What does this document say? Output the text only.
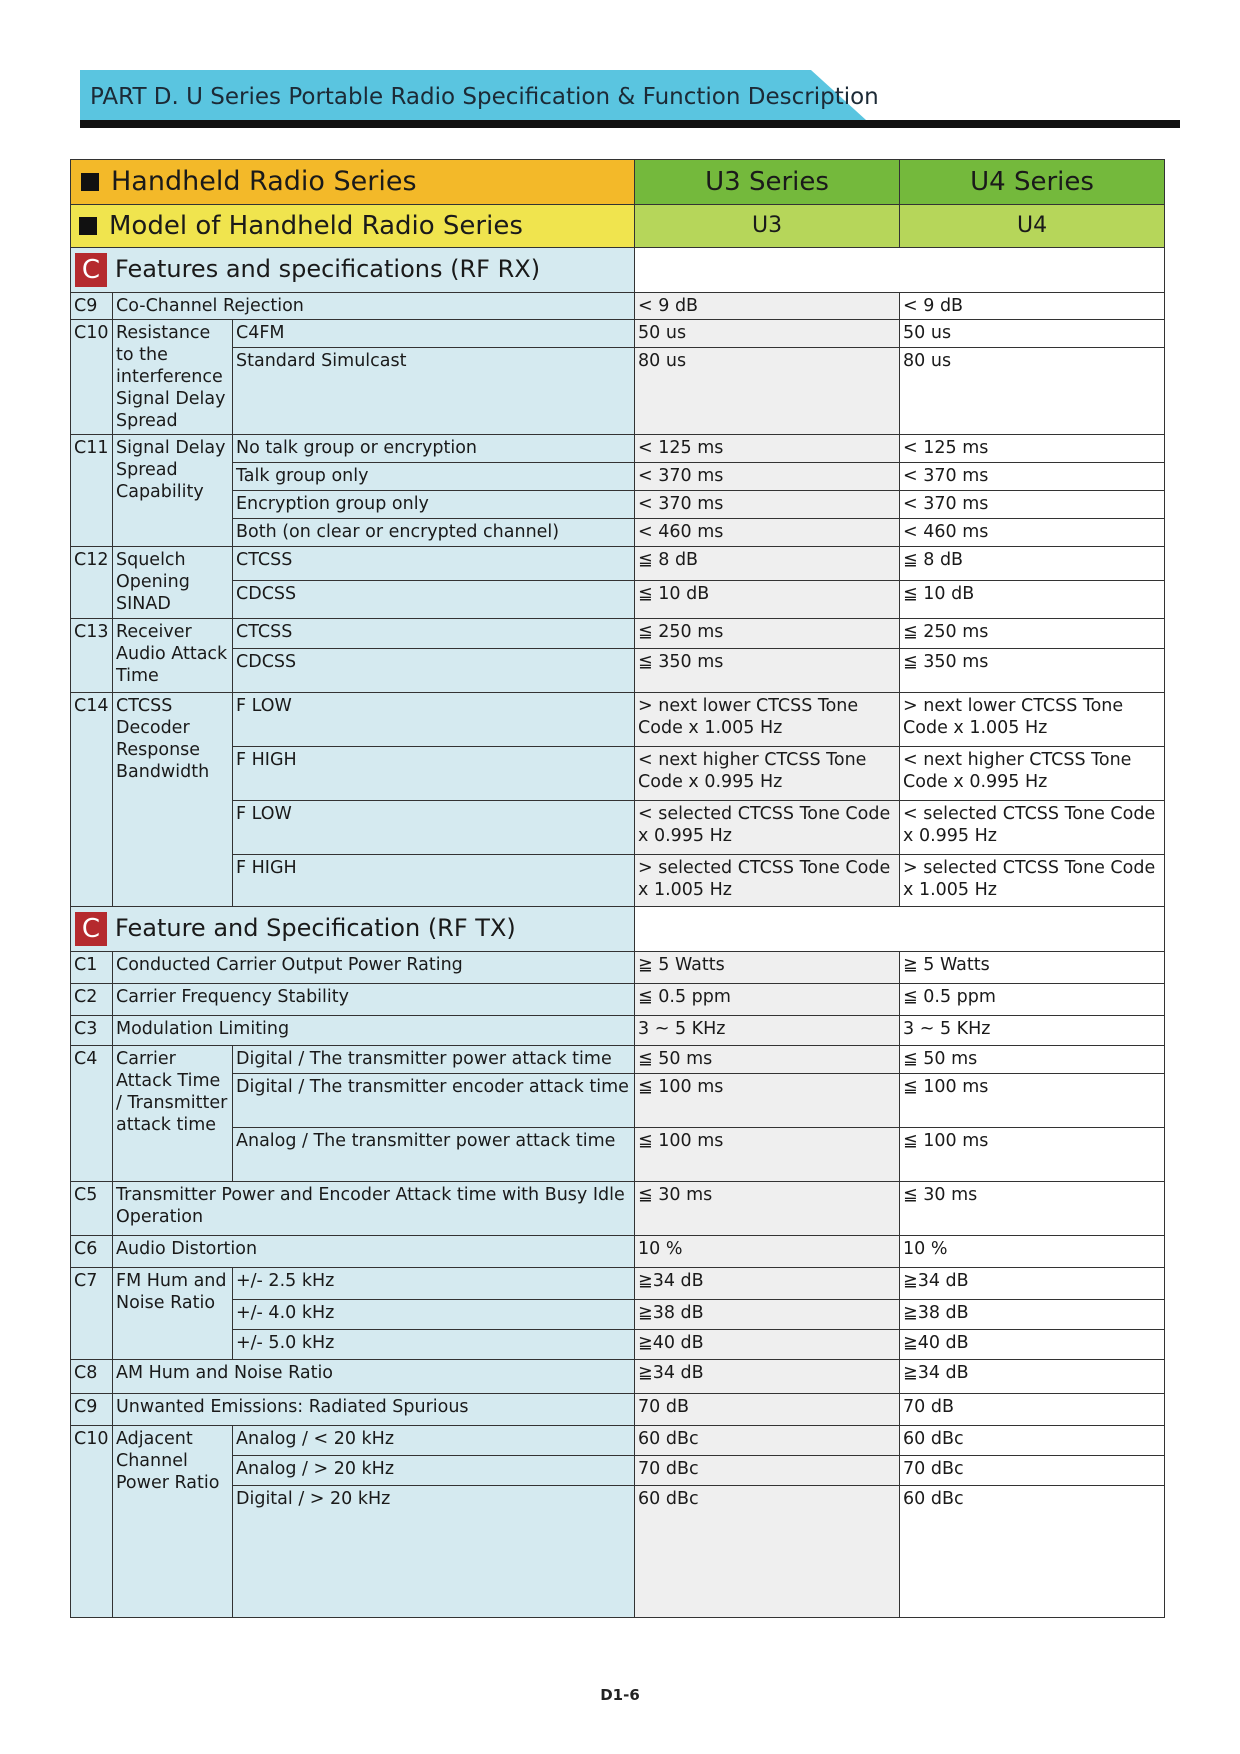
PART D. U Series Portable Radio Specification & Function Description
Handheld Radio Series			U3 Series	U4 Series
Model of Handheld Radio Series			U3	U4
C Features and specifications (RF RX)				
C9	Co-Channel Rejection		< 9 dB	< 9 dB
C10	Resistance to the interference Signal Delay Spread	C4FM	50 us	50 us
		Standard Simulcast	80 us	80 us
C11	Signal Delay Spread Capability	No talk group or encryption	< 125 ms	< 125 ms
		Talk group only	< 370 ms	< 370 ms
		Encryption group only	< 370 ms	< 370 ms
		Both (on clear or encrypted channel)	< 460 ms	< 460 ms
C12	Squelch Opening SINAD	CTCSS	≦ 8 dB	≦ 8 dB
		CDCSS	≦ 10 dB	≦ 10 dB
C13	Receiver Audio Attack Time	CTCSS	≦ 250 ms	≦ 250 ms
		CDCSS	≦ 350 ms	≦ 350 ms
C14	CTCSS Decoder Response Bandwidth	F LOW	> next lower CTCSS Tone Code x 1.005 Hz	> next lower CTCSS Tone Code x 1.005 Hz
		F HIGH	< next higher CTCSS Tone Code x 0.995 Hz	< next higher CTCSS Tone Code x 0.995 Hz
		F LOW	< selected CTCSS Tone Code x 0.995 Hz	< selected CTCSS Tone Code x 0.995 Hz
		F HIGH	> selected CTCSS Tone Code x 1.005 Hz	> selected CTCSS Tone Code x 1.005 Hz
C Feature and Specification (RF TX)				
C1	Conducted Carrier Output Power Rating		≧ 5 Watts	≧ 5 Watts
C2	Carrier Frequency Stability		≦ 0.5 ppm	≦ 0.5 ppm
C3	Modulation Limiting		3 ~ 5 KHz	3 ~ 5 KHz
C4	Carrier Attack Time / Transmitter attack time	Digital / The transmitter power attack time	≦ 50 ms	≦ 50 ms
		Digital / The transmitter encoder attack time	≦ 100 ms	≦ 100 ms
		Analog / The transmitter power attack time	≦ 100 ms	≦ 100 ms
C5	Transmitter Power and Encoder Attack time with Busy Idle Operation		≦ 30 ms	≦ 30 ms
C6	Audio Distortion		10 %	10 %
C7	FM Hum and Noise Ratio	+/- 2.5 kHz	≧34 dB	≧34 dB
		+/- 4.0 kHz	≧38 dB	≧38 dB
		+/- 5.0 kHz	≧40 dB	≧40 dB
C8	AM Hum and Noise Ratio		≧34 dB	≧34 dB
C9	Unwanted Emissions: Radiated Spurious		70 dB	70 dB
C10	Adjacent Channel Power Ratio	Analog / < 20 kHz	60 dBc	60 dBc
		Analog / > 20 kHz	70 dBc	70 dBc
		Digital / > 20 kHz	60 dBc	60 dBc
D1-6
